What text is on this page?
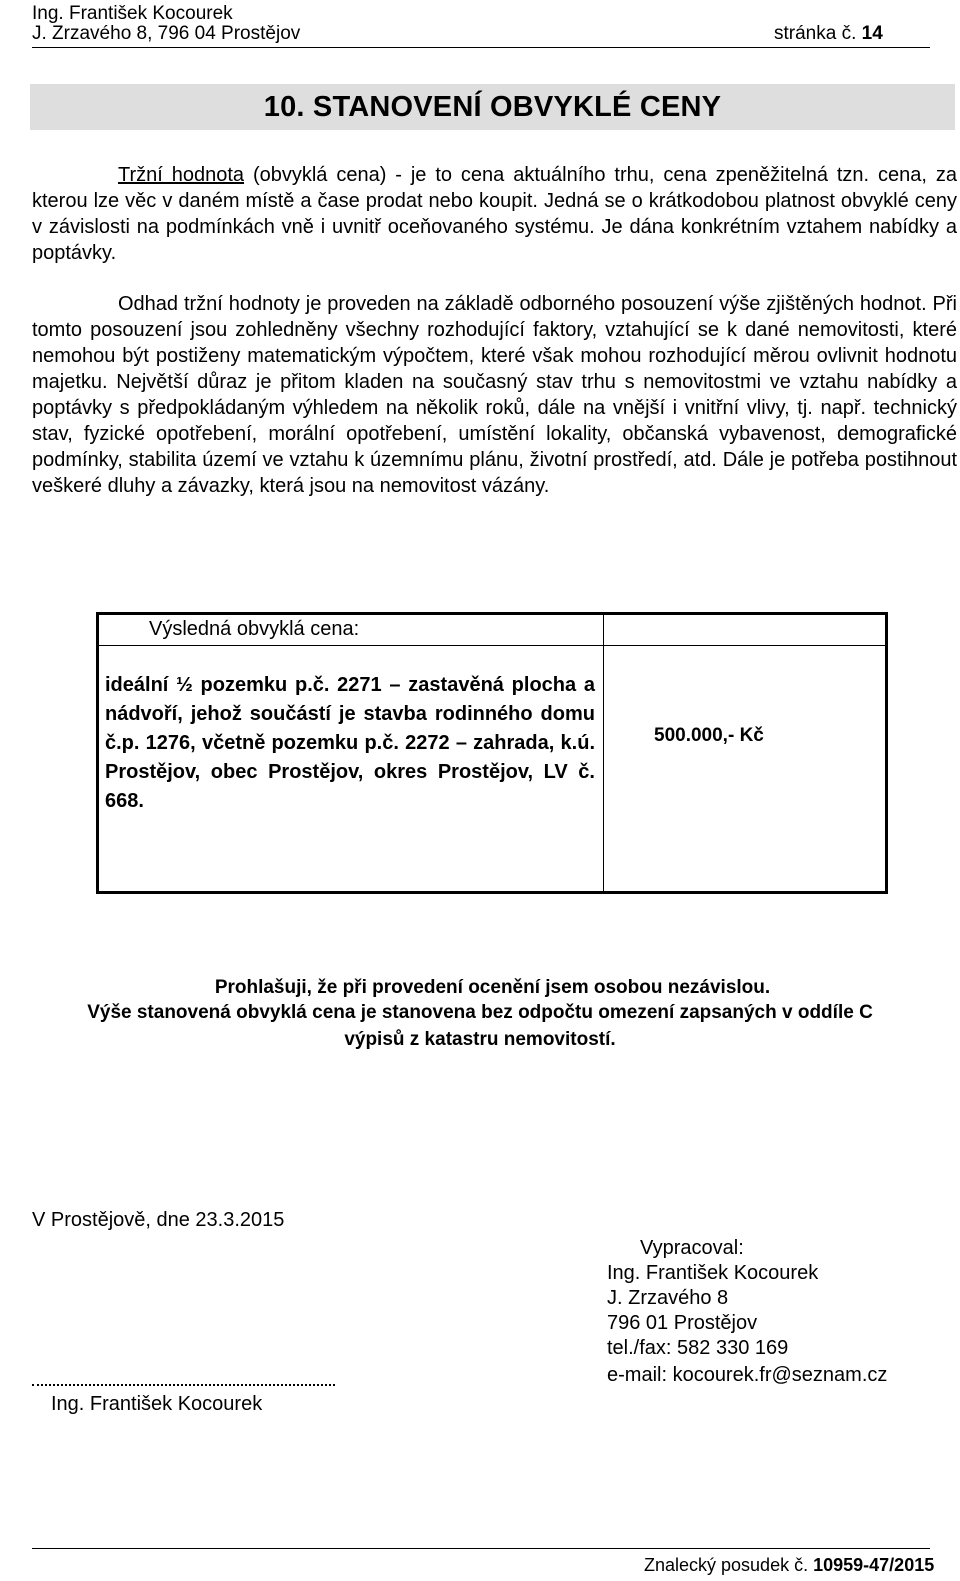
Ing. František Kocourek
J. Zrzavého 8, 796 04 Prostějov	stránka č. 14
10. STANOVENÍ OBVYKLÉ CENY

Tržní hodnota (obvyklá cena) - je to cena aktuálního trhu, cena zpeněžitelná tzn. cena, za kterou lze věc v daném místě a čase prodat nebo koupit. Jedná se o krátkodobou platnost obvyklé ceny v závislosti na podmínkách vně i uvnitř oceňovaného systému. Je dána konkrétním vztahem nabídky a poptávky.

Odhad tržní hodnoty je proveden na základě odborného posouzení výše zjištěných hodnot. Při tomto posouzení jsou zohledněny všechny rozhodující faktory, vztahující se k dané nemovitosti, které nemohou být postiženy matematickým výpočtem, které však mohou rozhodující měrou ovlivnit hodnotu majetku. Největší důraz je přitom kladen na současný stav trhu s nemovitostmi ve vztahu nabídky a poptávky s předpokládaným výhledem na několik roků, dále na vnější i vnitřní vlivy, tj. např. technický stav, fyzické opotřebení, morální opotřebení, umístění lokality, občanská vybavenost, demografické podmínky, stabilita území ve vztahu k územnímu plánu, životní prostředí, atd. Dále je potřeba postihnout veškeré dluhy a závazky, která jsou na nemovitost vázány.

Výsledná obvyklá cena:

ideální ½ pozemku p.č. 2271 – zastavěná plocha a nádvoří, jehož součástí je stavba rodinného domu č.p. 1276, včetně pozemku p.č. 2272 – zahrada, k.ú. Prostějov, obec Prostějov, okres Prostějov, LV č. 668.

500.000,- Kč

Prohlašuji, že při provedení ocenění jsem osobou nezávislou.

Výše stanovená obvyklá cena je stanovena bez odpočtu omezení zapsaných v oddíle C výpisů z katastru nemovitostí.

V Prostějově, dne 23.3.2015
Vypracoval:
Ing. František Kocourek
J. Zrzavého 8
796 01 Prostějov
tel./fax: 582 330 169
e-mail: kocourek.fr@seznam.cz
Ing. František Kocourek
Znalecký posudek č. 10959-47/2015
